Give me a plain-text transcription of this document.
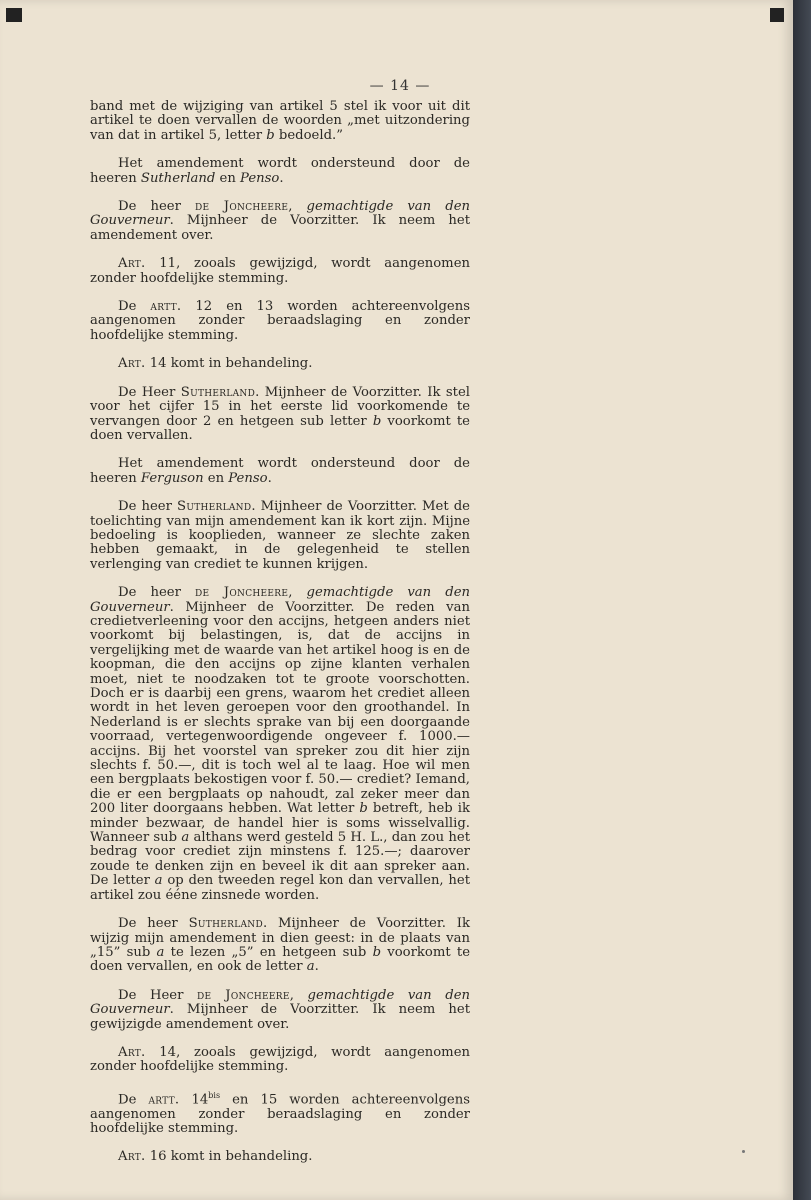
— 14 —

band met de wijziging van artikel 5 stel ik voor uit dit artikel te doen vervallen de woorden „met uitzondering van dat in artikel 5, letter b bedoeld.”

Het amendement wordt ondersteund door de heeren Sutherland en Penso.

De heer de Joncheere, gemachtigde van den Gouverneur. Mijnheer de Voorzitter. Ik neem het amendement over.

Art. 11, zooals gewijzigd, wordt aangenomen zonder hoofdelijke stemming.

De artt. 12 en 13 worden achtereenvolgens aangenomen zonder beraadslaging en zonder hoofdelijke stemming.

Art. 14 komt in behandeling.

De Heer Sutherland. Mijnheer de Voorzitter. Ik stel voor het cijfer 15 in het eerste lid voorkomende te vervangen door 2 en hetgeen sub letter b voorkomt te doen vervallen.

Het amendement wordt ondersteund door de heeren Ferguson en Penso.

De heer Sutherland. Mijnheer de Voorzitter. Met de toelichting van mijn amendement kan ik kort zijn. Mijne bedoeling is kooplieden, wanneer ze slechte zaken hebben gemaakt, in de gelegenheid te stellen verlenging van crediet te kunnen krijgen.

De heer de Joncheere, gemachtigde van den Gouverneur. Mijnheer de Voorzitter. De reden van credietverleening voor den accijns, hetgeen anders niet voorkomt bij belastingen, is, dat de accijns in vergelijking met de waarde van het artikel hoog is en de koopman, die den accijns op zijne klanten verhalen moet, niet te noodzaken tot te groote voorschotten. Doch er is daarbij een grens, waarom het crediet alleen wordt in het leven geroepen voor den groothandel. In Nederland is er slechts sprake van bij een doorgaande voorraad, vertegenwoordigende ongeveer f. 1000.— accijns. Bij het voorstel van spreker zou dit hier zijn slechts f. 50.—, dit is toch wel al te laag. Hoe wil men een bergplaats bekostigen voor f. 50.— crediet? Iemand, die er een bergplaats op nahoudt, zal zeker meer dan 200 liter doorgaans hebben. Wat letter b betreft, heb ik minder bezwaar, de handel hier is soms wisselvallig. Wanneer sub a althans werd gesteld 5 H. L., dan zou het bedrag voor crediet zijn minstens f. 125.—; daarover zoude te denken zijn en beveel ik dit aan spreker aan. De letter a op den tweeden regel kon dan vervallen, het artikel zou ééne zinsnede worden.

De heer Sutherland. Mijnheer de Voorzitter. Ik wijzig mijn amendement in dien geest: in de plaats van „15” sub a te lezen „5” en hetgeen sub b voorkomt te doen vervallen, en ook de letter a.

De Heer de Joncheere, gemachtigde van den Gouverneur. Mijnheer de Voorzitter. Ik neem het gewijzigde amendement over.

Art. 14, zooals gewijzigd, wordt aangenomen zonder hoofdelijke stemming.

De artt. $14^{bis}$ en 15 worden achtereenvolgens aangenomen zonder beraadslaging en zonder hoofdelijke stemming.

Art. 16 komt in behandeling.
